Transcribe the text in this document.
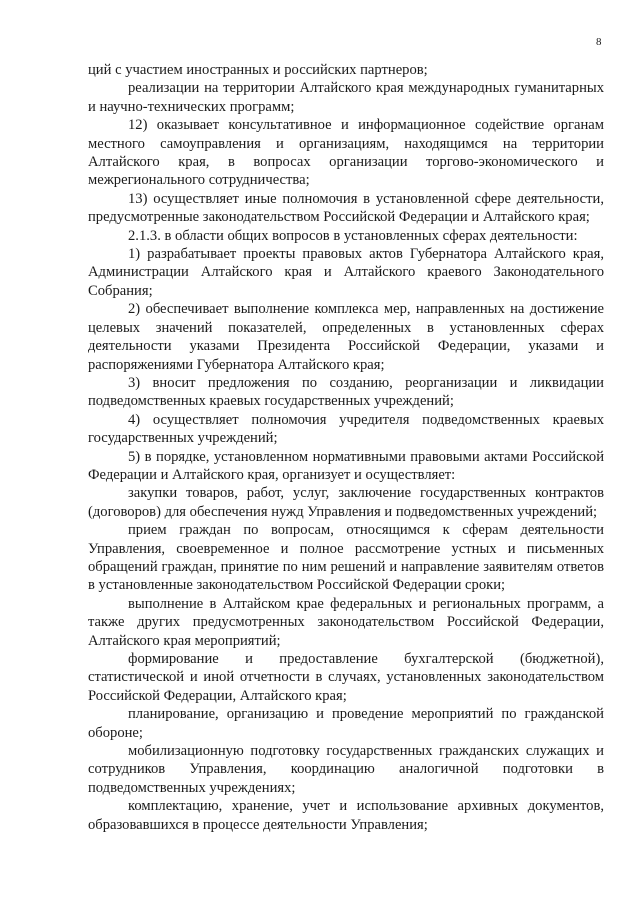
8

ций с участием иностранных и российских партнеров;

реализации на территории Алтайского края международных гуманитарных и научно-технических программ;

12) оказывает консультативное и информационное содействие органам местного самоуправления и организациям, находящимся на территории Алтайского края, в вопросах организации торгово-экономического и межрегионального сотрудничества;

13) осуществляет иные полномочия в установленной сфере деятельности, предусмотренные законодательством Российской Федерации и Алтайского края;

2.1.3. в области общих вопросов в установленных сферах деятельности:

1) разрабатывает проекты правовых актов Губернатора Алтайского края, Администрации Алтайского края и Алтайского краевого Законодательного Собрания;

2) обеспечивает выполнение комплекса мер, направленных на достижение целевых значений показателей, определенных в установленных сферах деятельности указами Президента Российской Федерации, указами и распоряжениями Губернатора Алтайского края;

3) вносит предложения по созданию, реорганизации и ликвидации подведомственных краевых государственных учреждений;

4) осуществляет полномочия учредителя подведомственных краевых государственных учреждений;

5) в порядке, установленном нормативными правовыми актами Российской Федерации и Алтайского края, организует и осуществляет:

закупки товаров, работ, услуг, заключение государственных контрактов (договоров) для обеспечения нужд Управления и подведомственных учреждений;

прием граждан по вопросам, относящимся к сферам деятельности Управления, своевременное и полное рассмотрение устных и письменных обращений граждан, принятие по ним решений и направление заявителям ответов в установленные законодательством Российской Федерации сроки;

выполнение в Алтайском крае федеральных и региональных программ, а также других предусмотренных законодательством Российской Федерации, Алтайского края мероприятий;

формирование и предоставление бухгалтерской (бюджетной), статистической и иной отчетности в случаях, установленных законодательством Российской Федерации, Алтайского края;

планирование, организацию и проведение мероприятий по гражданской обороне;

мобилизационную подготовку государственных гражданских служащих и сотрудников Управления, координацию аналогичной подготовки в подведомственных учреждениях;

комплектацию, хранение, учет и использование архивных документов, образовавшихся в процессе деятельности Управления;
